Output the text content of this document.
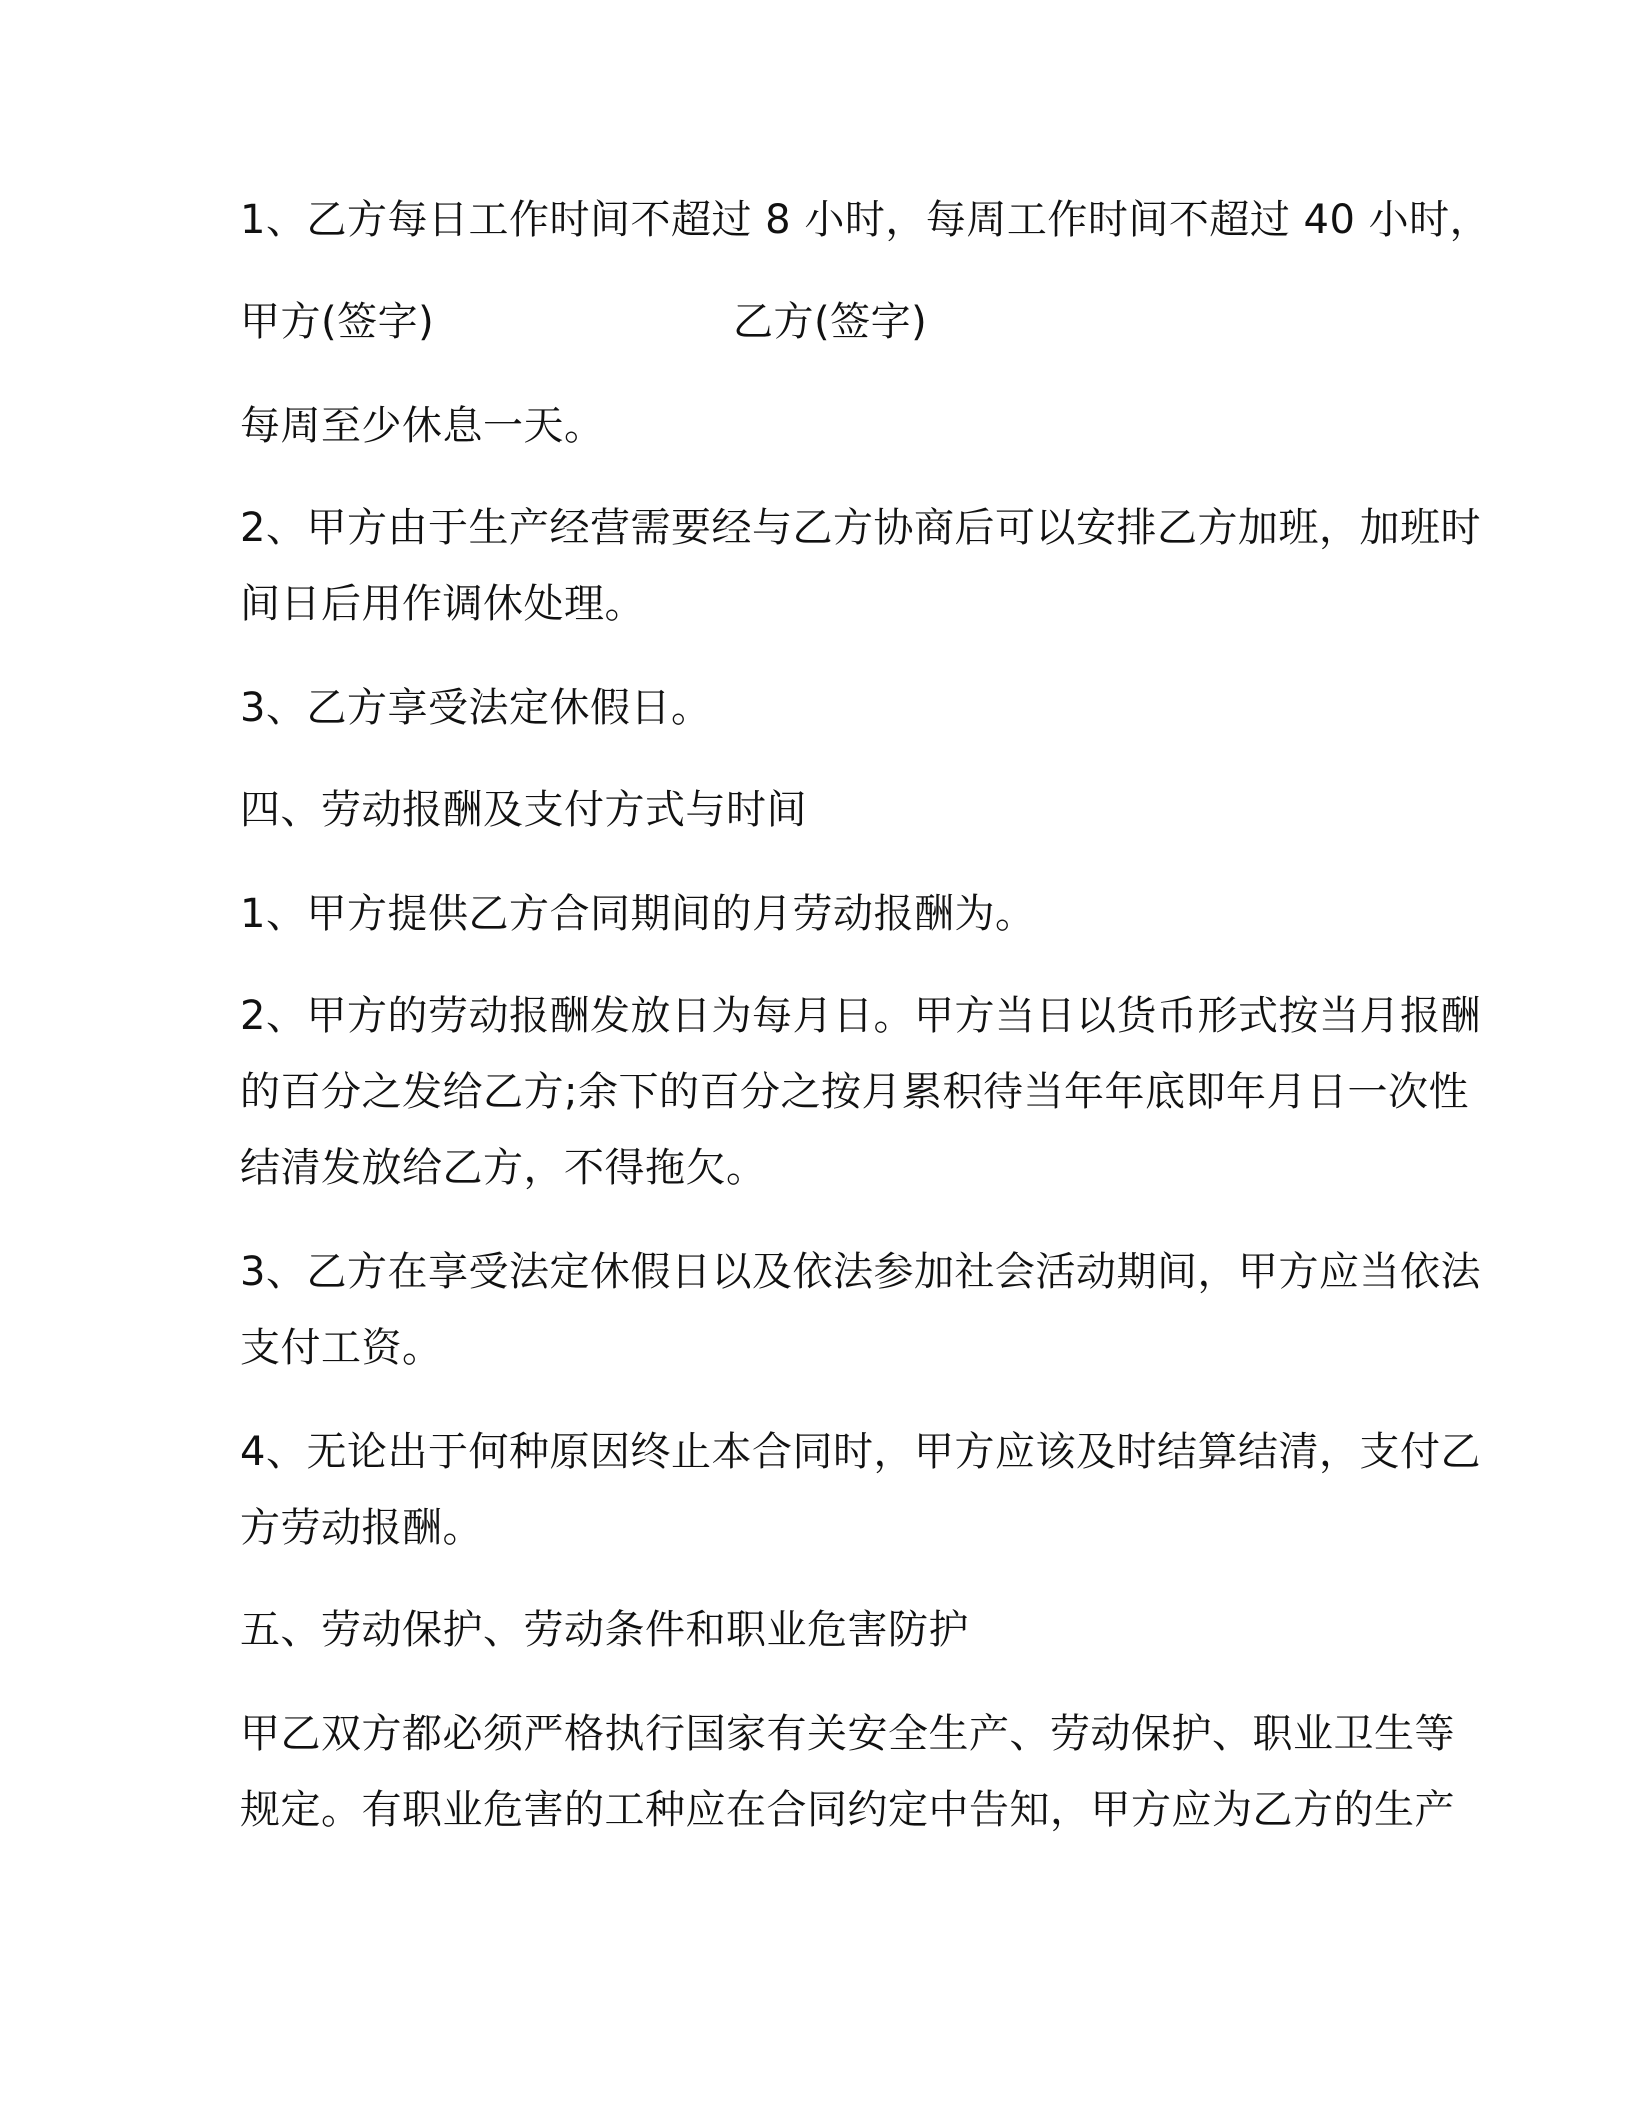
1、乙方每日工作时间不超过 8 小时，每周工作时间不超过 40 小时，
甲方(签字)	乙方(签字)
每周至少休息一天。
2、甲方由于生产经营需要经与乙方协商后可以安排乙方加班，加班时
间日后用作调休处理。
3、乙方享受法定休假日。
四、劳动报酬及支付方式与时间
1、甲方提供乙方合同期间的月劳动报酬为。
2、甲方的劳动报酬发放日为每月日。甲方当日以货币形式按当月报酬
的百分之发给乙方;余下的百分之按月累积待当年年底即年月日一次性
结清发放给乙方，不得拖欠。
3、乙方在享受法定休假日以及依法参加社会活动期间，甲方应当依法
支付工资。
4、无论出于何种原因终止本合同时，甲方应该及时结算结清，支付乙
方劳动报酬。
五、劳动保护、劳动条件和职业危害防护
甲乙双方都必须严格执行国家有关安全生产、劳动保护、职业卫生等
规定。有职业危害的工种应在合同约定中告知，甲方应为乙方的生产
